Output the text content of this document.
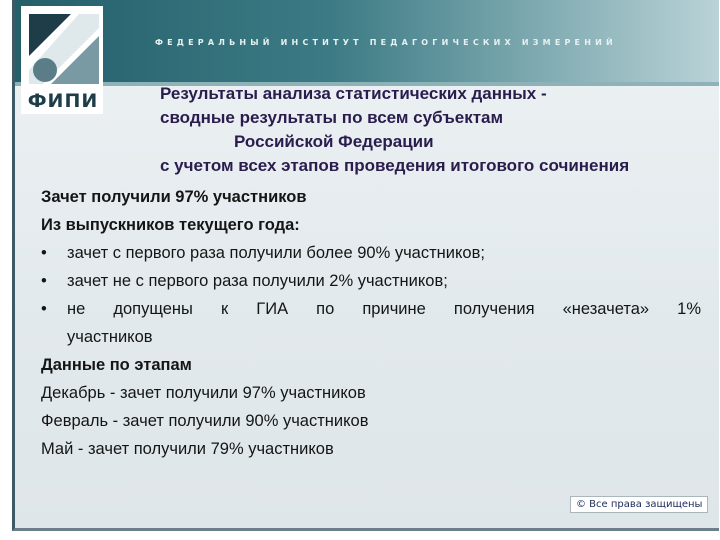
ФЕДЕРАЛЬНЫЙ ИНСТИТУТ ПЕДАГОГИЧЕСКИХ ИЗМЕРЕНИЙ
ФИПИ	Результаты анализа статистических данных -
сводные результаты по всем субъектам
Российской Федерации
с учетом всех этапов проведения итогового сочинения
Зачет получили 97% участников
Из выпускников текущего года:
• зачет с первого раза получили более 90% участников;
• зачет не с первого раза получили 2% участников;
• не допущены к ГИА по причине получения «незачета» 1%
участников
Данные по этапам
Декабрь - зачет получили 97% участников
Февраль - зачет получили 90% участников
Май - зачет получили 79% участников
© Все права защищены
